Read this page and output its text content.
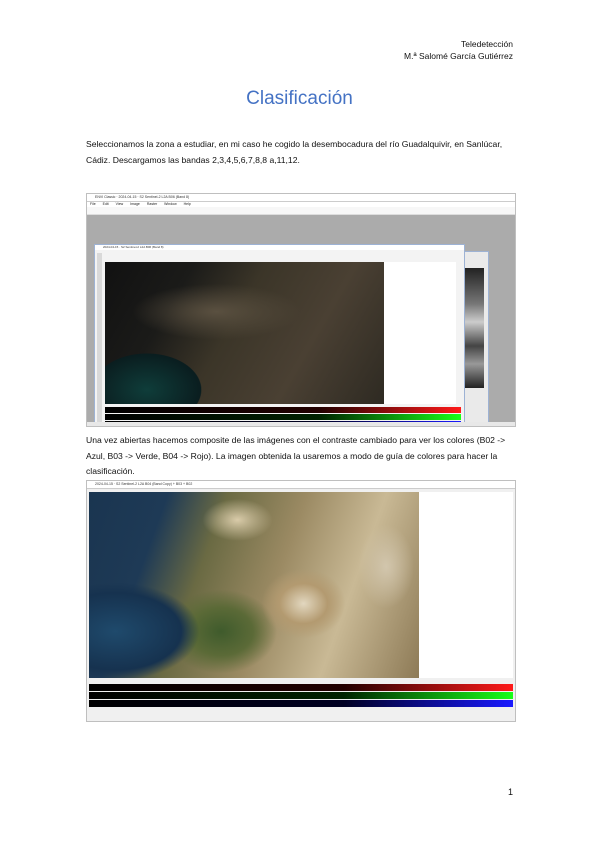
Teledetección
M.ª Salomé García Gutiérrez
Clasificación
Seleccionamos la zona a estudiar, en mi caso he cogido la desembocadura del río Guadalquivir, en Sanlúcar, Cádiz. Descargamos las bandas 2,3,4,5,6,7,8,8 a,11,12.
ENVI Classic · 2024-04-15 · S2 Sentinel-2 L2A B06 (Band 8)
File Edit View Image Raster Window Help
2024-04-15 · S2 Sentinel-2 L2A B06 (Band 8)
Una vez abiertas hacemos composite de las imágenes con el contraste cambiado para ver los colores (B02 -> Azul, B03 -> Verde, B04 -> Rojo). La imagen obtenida la usaremos a modo de guía de colores para hacer la clasificación.
2024-04-15 · S2 Sentinel-2 L2A B04 (Band Copy) + B03 + B02
1
